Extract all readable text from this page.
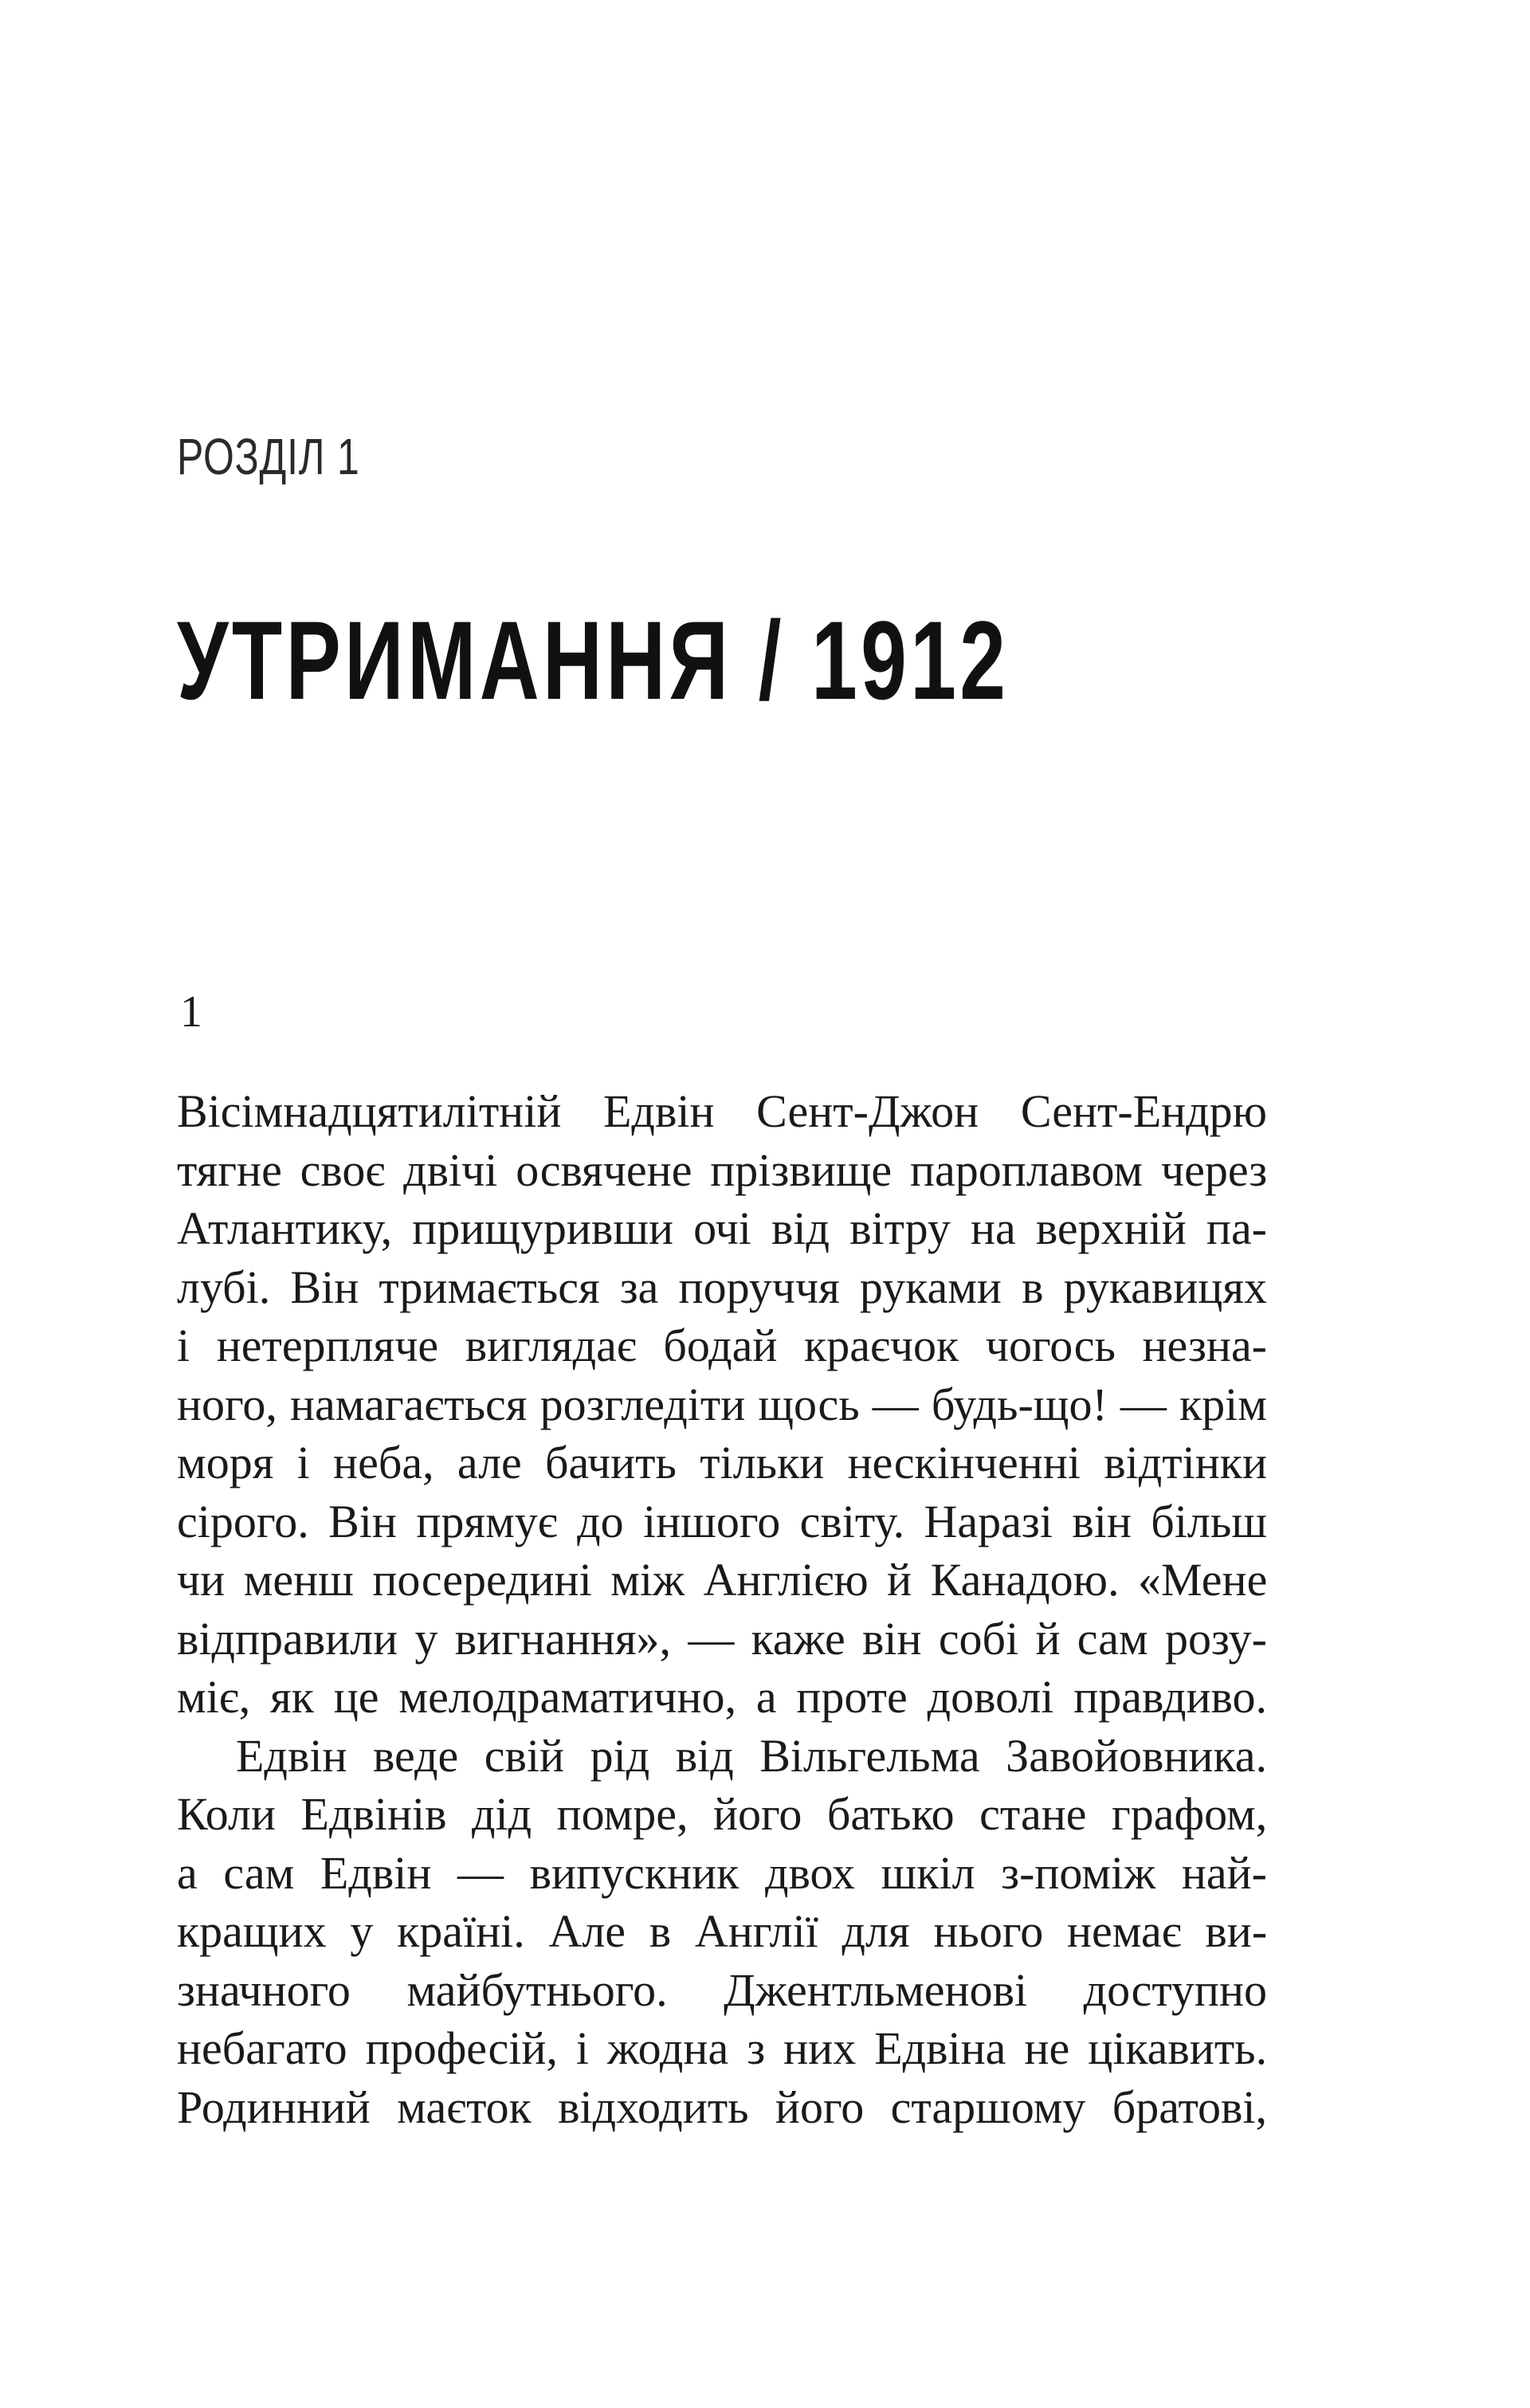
РОЗДІЛ 1
УТРИМАННЯ / 1912
1

Вісімнадцятилітній Едвін Сент-Джон Сент-Ендрю
тягне своє двічі освячене прізвище пароплавом через
Атлантику, прищуривши очі від вітру на верхній па-
лубі. Він тримається за поруччя руками в рукавицях
і нетерпляче виглядає бодай краєчок чогось незна-
ного, намагається розгледіти щось — будь-що! — крім
моря і неба, але бачить тільки нескінченні відтінки
сірого. Він прямує до іншого світу. Наразі він більш
чи менш посередині між Англією й Канадою. «Мене
відправили у вигнання», — каже він собі й сам розу-
міє, як це мелодраматично, а проте доволі правдиво.

Едвін веде свій рід від Вільгельма Завойовника.
Коли Едвінів дід помре, його батько стане графом,
а сам Едвін — випускник двох шкіл з-поміж най-
кращих у країні. Але в Англії для нього немає ви-
значного майбутнього. Джентльменові доступно
небагато професій, і жодна з них Едвіна не цікавить.
Родинний маєток відходить його старшому братові,
